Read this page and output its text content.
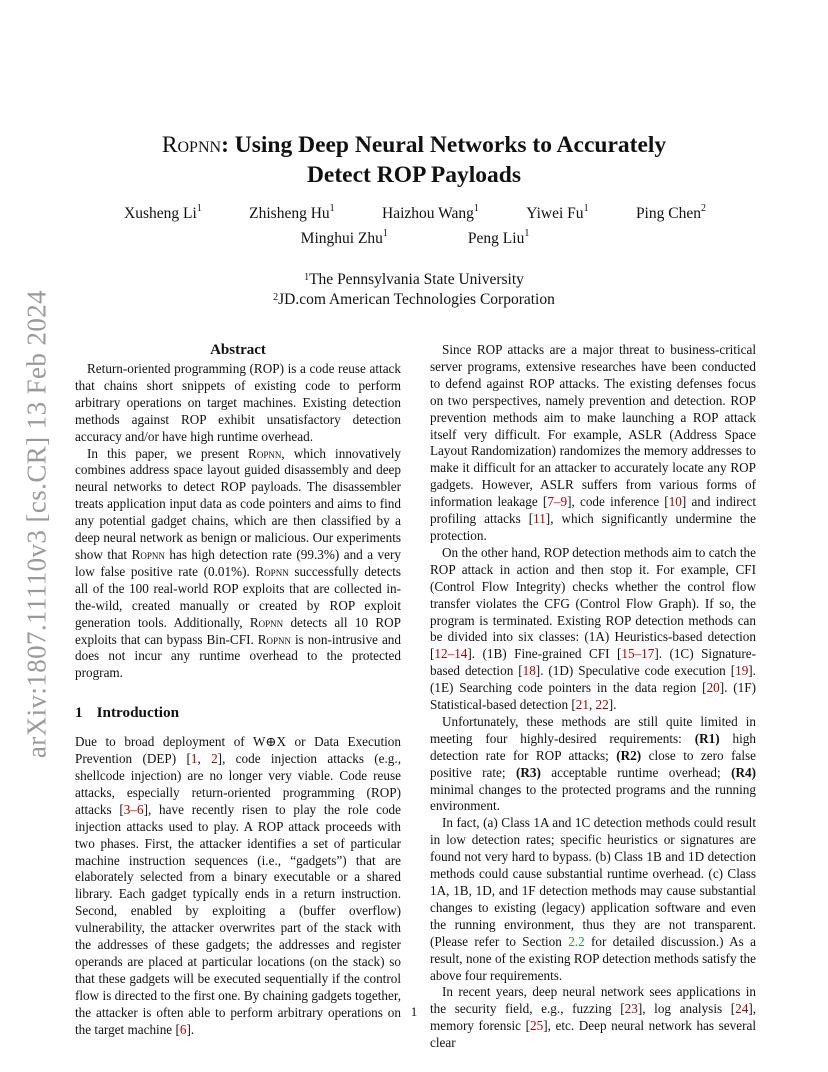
arXiv:1807.11110v3 [cs.CR] 13 Feb 2024
Ropnn: Using Deep Neural Networks to Accurately
Detect ROP Payloads
Xusheng Li$^1$	Zhisheng Hu$^1$	Haizhou Wang$^1$	Yiwei Fu$^1$	Ping Chen$^2$
Minghui Zhu$^1$	Peng Liu$^1$
$^1$The Pennsylvania State University
$^2$JD.com American Technologies Corporation
Abstract

Return-oriented programming (ROP) is a code reuse attack that chains short snippets of existing code to perform arbitrary operations on target machines. Existing detection methods against ROP exhibit unsatisfactory detection accuracy and/or have high runtime overhead.

In this paper, we present Ropnn, which innovatively combines address space layout guided disassembly and deep neural networks to detect ROP payloads. The disassembler treats application input data as code pointers and aims to find any potential gadget chains, which are then classified by a deep neural network as benign or malicious. Our experiments show that Ropnn has high detection rate (99.3%) and a very low false positive rate (0.01%). Ropnn successfully detects all of the 100 real-world ROP exploits that are collected in-the-wild, created manually or created by ROP exploit generation tools. Additionally, Ropnn detects all 10 ROP exploits that can bypass Bin-CFI. Ropnn is non-intrusive and does not incur any runtime overhead to the protected program.

1 Introduction

Due to broad deployment of W⊕X or Data Execution Prevention (DEP) [1, 2], code injection attacks (e.g., shellcode injection) are no longer very viable. Code reuse attacks, especially return-oriented programming (ROP) attacks [3–6], have recently risen to play the role code injection attacks used to play. A ROP attack proceeds with two phases. First, the attacker identifies a set of particular machine instruction sequences (i.e., “gadgets”) that are elaborately selected from a binary executable or a shared library. Each gadget typically ends in a return instruction. Second, enabled by exploiting a (buffer overflow) vulnerability, the attacker overwrites part of the stack with the addresses of these gadgets; the addresses and register operands are placed at particular locations (on the stack) so that these gadgets will be executed sequentially if the control flow is directed to the first one. By chaining gadgets together, the attacker is often able to perform arbitrary operations on the target machine [6].

Since ROP attacks are a major threat to business-critical server programs, extensive researches have been conducted to defend against ROP attacks. The existing defenses focus on two perspectives, namely prevention and detection. ROP prevention methods aim to make launching a ROP attack itself very difficult. For example, ASLR (Address Space Layout Randomization) randomizes the memory addresses to make it difficult for an attacker to accurately locate any ROP gadgets. However, ASLR suffers from various forms of information leakage [7–9], code inference [10] and indirect profiling attacks [11], which significantly undermine the protection.

On the other hand, ROP detection methods aim to catch the ROP attack in action and then stop it. For example, CFI (Control Flow Integrity) checks whether the control flow transfer violates the CFG (Control Flow Graph). If so, the program is terminated. Existing ROP detection methods can be divided into six classes: (1A) Heuristics-based detection [12–14]. (1B) Fine-grained CFI [15–17]. (1C) Signature-based detection [18]. (1D) Speculative code execution [19]. (1E) Searching code pointers in the data region [20]. (1F) Statistical-based detection [21, 22].

Unfortunately, these methods are still quite limited in meeting four highly-desired requirements: (R1) high detection rate for ROP attacks; (R2) close to zero false positive rate; (R3) acceptable runtime overhead; (R4) minimal changes to the protected programs and the running environment.

In fact, (a) Class 1A and 1C detection methods could result in low detection rates; specific heuristics or signatures are found not very hard to bypass. (b) Class 1B and 1D detection methods could cause substantial runtime overhead. (c) Class 1A, 1B, 1D, and 1F detection methods may cause substantial changes to existing (legacy) application software and even the running environment, thus they are not transparent. (Please refer to Section 2.2 for detailed discussion.) As a result, none of the existing ROP detection methods satisfy the above four requirements.

In recent years, deep neural network sees applications in the security field, e.g., fuzzing [23], log analysis [24], memory forensic [25], etc. Deep neural network has several clear

1
